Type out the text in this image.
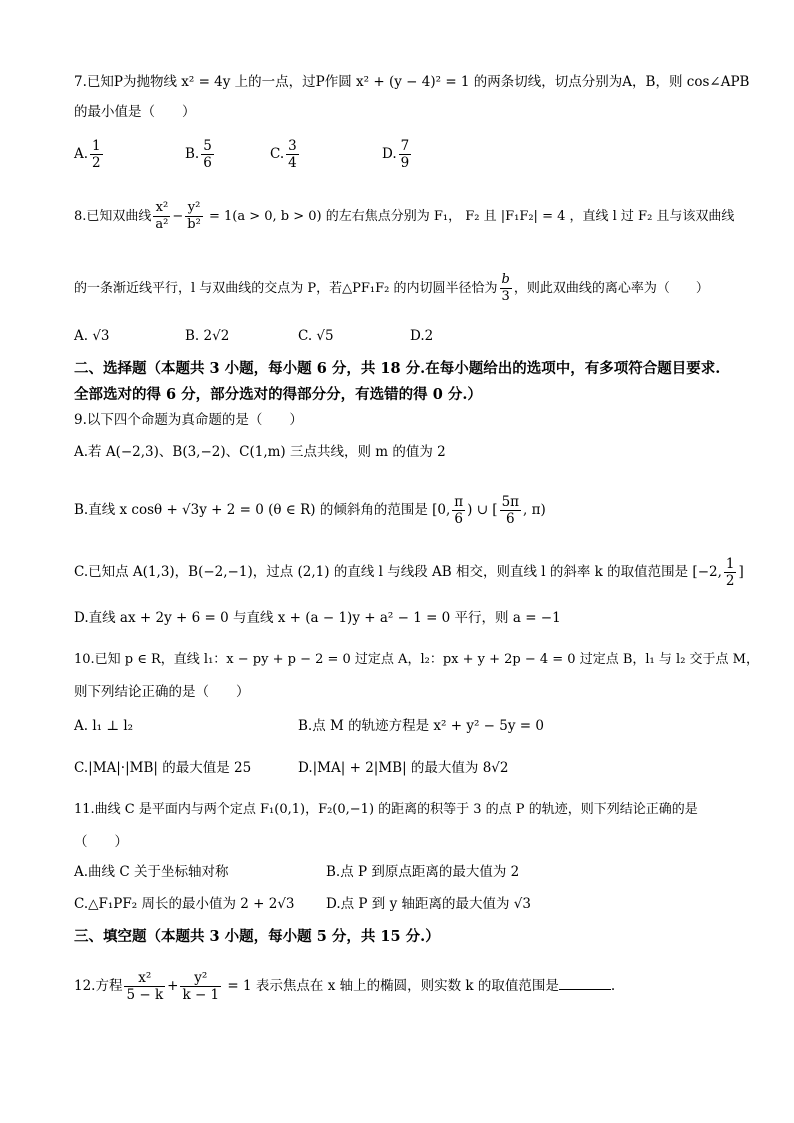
7.已知P为抛物线 x² = 4y 上的一点，过P作圆 x² + (y − 4)² = 1 的两条切线，切点分别为A，B，则 cos∠APB
的最小值是（　　）
A. $\frac{1}{2}$	B. $\frac{5}{6}$	C. $\frac{3}{4}$	D. $\frac{7}{9}$
8.已知双曲线 $\frac{\text{x²}}{\text{a²}} - \frac{\text{y²}}{\text{b²}} = 1(a > 0$, b > 0) 的左右焦点分别为 F₁， F₂ 且 |F₁F₂| = 4 ，直线 l 过 F₂ 且与该双曲线
的一条渐近线平行，l 与双曲线的交点为 P，若△PF₁F₂ 的内切圆半径恰为 $\frac{b}{3}$ ，则此双曲线的离心率为（　　）
A. √3	B. 2√2	C. √5	D.2
二、选择题（本题共 3 小题，每小题 6 分，共 18 分.在每小题给出的选项中，有多项符合题目要求.全部选对的得 6 分，部分选对的得部分分，有选错的得 0 分.）
9.以下四个命题为真命题的是（　　）
A.若 A(−2,3)、B(3,−2)、C(1,m) 三点共线，则 m 的值为 2
B.直线 x cosθ + √3y + 2 = 0 (θ ∈ R) 的倾斜角的范围是 [0, $\frac{\pi}{6}$ ) ∪ [ $\frac{5\pi}{6}$ , π)
C.已知点 A(1,3)，B(−2,−1)，过点 (2,1) 的直线 l 与线段 AB 相交，则直线 l 的斜率 k 的取值范围是 [−2, $\frac{1}{2}$ ]
D.直线 ax + 2y + 6 = 0 与直线 x + (a − 1)y + a² − 1 = 0 平行，则 a = −1
10.已知 p ∈ R，直线 l₁：x − py + p − 2 = 0 过定点 A，l₂：px + y + 2p − 4 = 0 过定点 B，l₁ 与 l₂ 交于点 M，
则下列结论正确的是（　　）
A. l₁ ⊥ l₂	B.点 M 的轨迹方程是 x² + y² − 5y = 0
C.|MA|·|MB| 的最大值是 25	D.|MA| + 2|MB| 的最大值为 8√2
11.曲线 C 是平面内与两个定点 F₁(0,1)，F₂(0,−1) 的距离的积等于 3 的点 P 的轨迹，则下列结论正确的是
（　　）
A.曲线 C 关于坐标轴对称	B.点 P 到原点距离的最大值为 2
C.△F₁PF₂ 周长的最小值为 2 + 2√3 D.点 P 到 y 轴距离的最大值为 √3
三、填空题（本题共 3 小题，每小题 5 分，共 15 分.）
12.方程 $\frac{\text{x²}}{5 - k} + \frac{\text{y²}}{k - 1} = 1$ 表示焦点在 x 轴上的椭圆，则实数 k 的取值范围是	.
